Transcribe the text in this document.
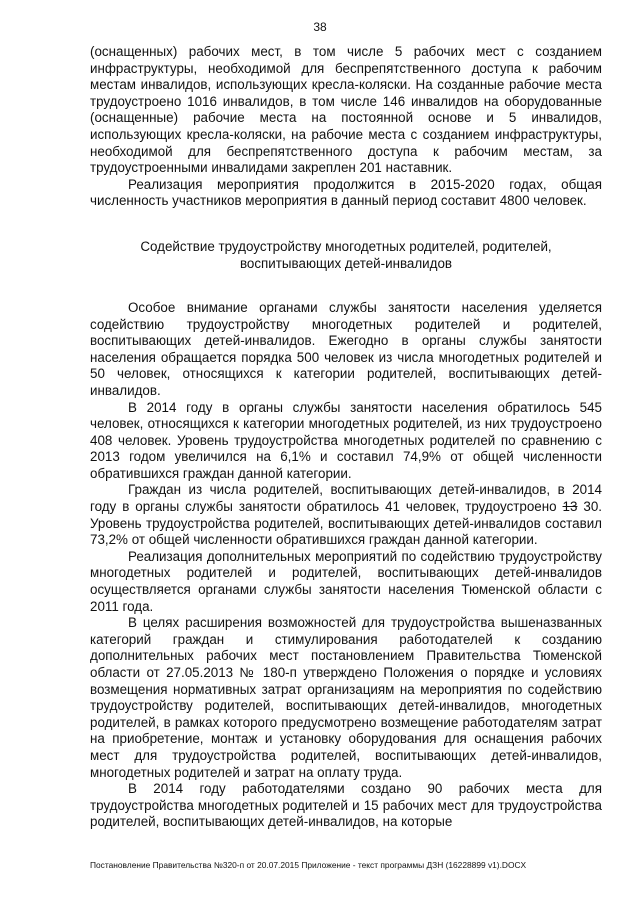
38

(оснащенных) рабочих мест, в том числе 5 рабочих мест с созданием инфраструктуры, необходимой для беспрепятственного доступа к рабочим местам инвалидов, использующих кресла-коляски. На созданные рабочие места трудоустроено 1016 инвалидов, в том числе 146 инвалидов на оборудованные (оснащенные) рабочие места на постоянной основе и 5 инвалидов, использующих кресла-коляски, на рабочие места с созданием инфраструктуры, необходимой для беспрепятственного доступа к рабочим местам, за трудоустроенными инвалидами закреплен 201 наставник.

Реализация мероприятия продолжится в 2015-2020 годах, общая численность участников мероприятия в данный период составит 4800 человек.

Содействие трудоустройству многодетных родителей, родителей, воспитывающих детей-инвалидов

Особое внимание органами службы занятости населения уделяется содействию трудоустройству многодетных родителей и родителей, воспитывающих детей-инвалидов. Ежегодно в органы службы занятости населения обращается порядка 500 человек из числа многодетных родителей и 50 человек, относящихся к категории родителей, воспитывающих детей-инвалидов.

В 2014 году в органы службы занятости населения обратилось 545 человек, относящихся к категории многодетных родителей, из них трудоустроено 408 человек. Уровень трудоустройства многодетных родителей по сравнению с 2013 годом увеличился на 6,1% и составил 74,9% от общей численности обратившихся граждан данной категории.

Граждан из числа родителей, воспитывающих детей-инвалидов, в 2014 году в органы службы занятости обратилось 41 человек, трудоустроено 13 30. Уровень трудоустройства родителей, воспитывающих детей-инвалидов составил 73,2% от общей численности обратившихся граждан данной категории.

Реализация дополнительных мероприятий по содействию трудоустройству многодетных родителей и родителей, воспитывающих детей-инвалидов осуществляется органами службы занятости населения Тюменской области с 2011 года.

В целях расширения возможностей для трудоустройства вышеназванных категорий граждан и стимулирования работодателей к созданию дополнительных рабочих мест постановлением Правительства Тюменской области от 27.05.2013 № 180-п утверждено Положения о порядке и условиях возмещения нормативных затрат организациям на мероприятия по содействию трудоустройству родителей, воспитывающих детей-инвалидов, многодетных родителей, в рамках которого предусмотрено возмещение работодателям затрат на приобретение, монтаж и установку оборудования для оснащения рабочих мест для трудоустройства родителей, воспитывающих детей-инвалидов, многодетных родителей и затрат на оплату труда.

В 2014 году работодателями создано 90 рабочих места для трудоустройства многодетных родителей и 15 рабочих мест для трудоустройства родителей, воспитывающих детей-инвалидов, на которые

Постановление Правительства №320-п от 20.07.2015 Приложение - текст программы ДЗН (16228899 v1).DOCX
